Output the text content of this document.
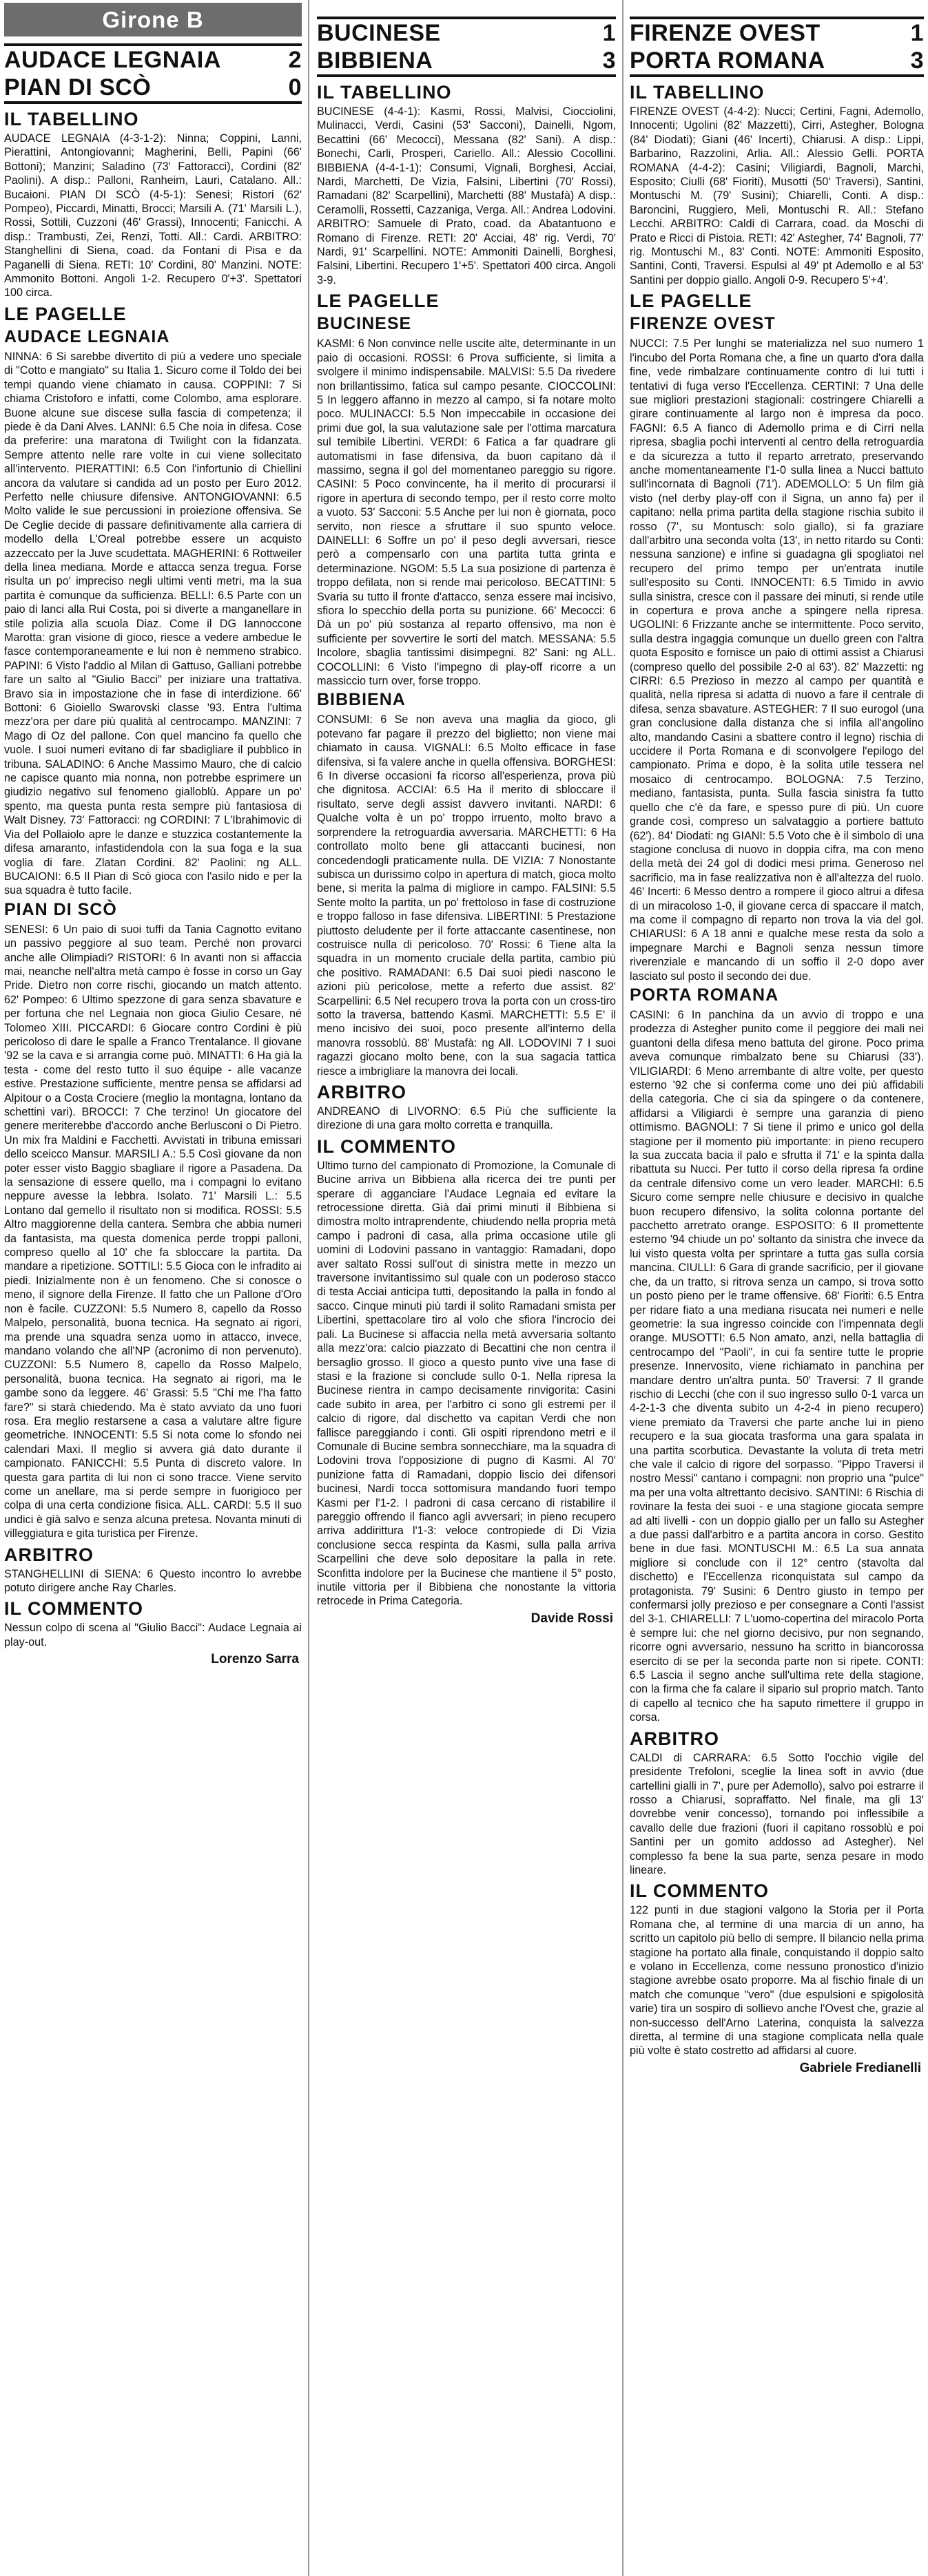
Girone B
AUDACE LEGNAIA	2
PIAN DI SCÒ	0
IL TABELLINO

AUDACE LEGNAIA (4-3-1-2): Ninna; Coppini, Lanni, Pierattini, Antongiovanni; Magherini, Belli, Papini (66' Bottoni); Manzini; Saladino (73' Fattoracci), Cordini (82' Paolini). A disp.: Palloni, Ranheim, Lauri, Catalano. All.: Bucaioni. PIAN DI SCÒ (4-5-1): Senesi; Ristori (62' Pompeo), Piccardi, Minatti, Brocci; Marsili A. (71' Marsili L.), Rossi, Sottili, Cuzzoni (46' Grassi), Innocenti; Fanicchi. A disp.: Trambusti, Zei, Renzi, Totti. All.: Cardi. ARBITRO: Stanghellini di Siena, coad. da Fontani di Pisa e da Paganelli di Siena. RETI: 10' Cordini, 80' Manzini. NOTE: Ammonito Bottoni. Angoli 1-2. Recupero 0'+3'. Spettatori 100 circa.

LE PAGELLE
AUDACE LEGNAIA

NINNA: 6 Si sarebbe divertito di più a vedere uno speciale di "Cotto e mangiato" su Italia 1. Sicuro come il Toldo dei bei tempi quando viene chiamato in causa. COPPINI: 7 Si chiama Cristoforo e infatti, come Colombo, ama esplorare. Buone alcune sue discese sulla fascia di competenza; il piede è da Dani Alves. LANNI: 6.5 Che noia in difesa. Cose da preferire: una maratona di Twilight con la fidanzata. Sempre attento nelle rare volte in cui viene sollecitato all'intervento. PIERATTINI: 6.5 Con l'infortunio di Chiellini ancora da valutare si candida ad un posto per Euro 2012. Perfetto nelle chiusure difensive. ANTONGIOVANNI: 6.5 Molto valide le sue percussioni in proiezione offensiva. Se De Ceglie decide di passare definitivamente alla carriera di modello della L'Oreal potrebbe essere un acquisto azzeccato per la Juve scudettata. MAGHERINI: 6 Rottweiler della linea mediana. Morde e attacca senza tregua. Forse risulta un po' impreciso negli ultimi venti metri, ma la sua partita è comunque da sufficienza. BELLI: 6.5 Parte con un paio di lanci alla Rui Costa, poi si diverte a manganellare in stile polizia alla scuola Diaz. Come il DG Iannoccone Marotta: gran visione di gioco, riesce a vedere ambedue le fasce contemporaneamente e lui non è nemmeno strabico. PAPINI: 6 Visto l'addio al Milan di Gattuso, Galliani potrebbe fare un salto al "Giulio Bacci" per iniziare una trattativa. Bravo sia in impostazione che in fase di interdizione. 66' Bottoni: 6 Gioiello Swarovski classe '93. Entra l'ultima mezz'ora per dare più qualità al centrocampo. MANZINI: 7 Mago di Oz del pallone. Con quel mancino fa quello che vuole. I suoi numeri evitano di far sbadigliare il pubblico in tribuna. SALADINO: 6 Anche Massimo Mauro, che di calcio ne capisce quanto mia nonna, non potrebbe esprimere un giudizio negativo sul fenomeno gialloblù. Appare un po' spento, ma questa punta resta sempre più fantasiosa di Walt Disney. 73' Fattoracci: ng CORDINI: 7 L'Ibrahimovic di Via del Pollaiolo apre le danze e stuzzica costantemente la difesa amaranto, infastidendola con la sua foga e la sua voglia di fare. Zlatan Cordini. 82' Paolini: ng ALL. BUCAIONI: 6.5 Il Pian di Scò gioca con l'asilo nido e per la sua squadra è tutto facile.

PIAN DI SCÒ

SENESI: 6 Un paio di suoi tuffi da Tania Cagnotto evitano un passivo peggiore al suo team. Perché non provarci anche alle Olimpiadi? RISTORI: 6 In avanti non si affaccia mai, neanche nell'altra metà campo è fosse in corso un Gay Pride. Dietro non corre rischi, giocando un match attento. 62' Pompeo: 6 Ultimo spezzone di gara senza sbavature e per fortuna che nel Legnaia non gioca Giulio Cesare, né Tolomeo XIII. PICCARDI: 6 Giocare contro Cordini è più pericoloso di dare le spalle a Franco Trentalance. Il giovane '92 se la cava e si arrangia come può. MINATTI: 6 Ha già la testa - come del resto tutto il suo équipe - alle vacanze estive. Prestazione sufficiente, mentre pensa se affidarsi ad Alpitour o a Costa Crociere (meglio la montagna, lontano da schettini vari). BROCCI: 7 Che terzino! Un giocatore del genere meriterebbe d'accordo anche Berlusconi o Di Pietro. Un mix fra Maldini e Facchetti. Avvistati in tribuna emissari dello sceicco Mansur. MARSILI A.: 5.5 Così giovane da non poter esser visto Baggio sbagliare il rigore a Pasadena. Da la sensazione di essere quello, ma i compagni lo evitano neppure avesse la lebbra. Isolato. 71' Marsili L.: 5.5 Lontano dal gemello il risultato non si modifica. ROSSI: 5.5 Altro maggiorenne della cantera. Sembra che abbia numeri da fantasista, ma questa domenica perde troppi palloni, compreso quello al 10' che fa sbloccare la partita. Da mandare a ripetizione. SOTTILI: 5.5 Gioca con le infradito ai piedi. Inizialmente non è un fenomeno. Che si conosce o meno, il signore della Firenze. Il fatto che un Pallone d'Oro non è facile. CUZZONI: 5.5 Numero 8, capello da Rosso Malpelo, personalità, buona tecnica. Ha segnato ai rigori, ma prende una squadra senza uomo in attacco, invece, mandano volando che all'NP (acronimo di non pervenuto). CUZZONI: 5.5 Numero 8, capello da Rosso Malpelo, personalità, buona tecnica. Ha segnato ai rigori, ma le gambe sono da leggere. 46' Grassi: 5.5 "Chi me l'ha fatto fare?" si starà chiedendo. Ma è stato avviato da uno fuori rosa. Era meglio restarsene a casa a valutare altre figure geometriche. INNOCENTI: 5.5 Si nota come lo sfondo nei calendari Maxi. Il meglio si avvera già dato durante il campionato. FANICCHI: 5.5 Punta di discreto valore. In questa gara partita di lui non ci sono tracce. Viene servito come un anellare, ma si perde sempre in fuorigioco per colpa di una certa condizione fisica. ALL. CARDI: 5.5 Il suo undici è già salvo e senza alcuna pretesa. Novanta minuti di villeggiatura e gita turistica per Firenze.

ARBITRO

STANGHELLINI di SIENA: 6 Questo incontro lo avrebbe potuto dirigere anche Ray Charles.

IL COMMENTO

Nessun colpo di scena al "Giulio Bacci": Audace Legnaia ai play-out.

Lorenzo Sarra
BUCINESE	1
BIBBIENA	3
IL TABELLINO

BUCINESE (4-4-1): Kasmi, Rossi, Malvisi, Ciocciolini, Mulinacci, Verdi, Casini (53' Sacconi), Dainelli, Ngom, Becattini (66' Mecocci), Messana (82' Sani). A disp.: Bonechi, Carli, Prosperi, Cariello. All.: Alessio Cocollini. BIBBIENA (4-4-1-1): Consumi, Vignali, Borghesi, Acciai, Nardi, Marchetti, De Vizia, Falsini, Libertini (70' Rossi), Ramadani (82' Scarpellini), Marchetti (88' Mustafà) A disp.: Ceramolli, Rossetti, Cazzaniga, Verga. All.: Andrea Lodovini. ARBITRO: Samuele di Prato, coad. da Abatantuono e Romano di Firenze. RETI: 20' Acciai, 48' rig. Verdi, 70' Nardi, 91' Scarpellini. NOTE: Ammoniti Dainelli, Borghesi, Falsini, Libertini. Recupero 1'+5'. Spettatori 400 circa. Angoli 3-9.

LE PAGELLE
BUCINESE

KASMI: 6 Non convince nelle uscite alte, determinante in un paio di occasioni. ROSSI: 6 Prova sufficiente, si limita a svolgere il minimo indispensabile. MALVISI: 5.5 Da rivedere non brillantissimo, fatica sul campo pesante. CIOCCOLINI: 5 In leggero affanno in mezzo al campo, si fa notare molto poco. MULINACCI: 5.5 Non impeccabile in occasione dei primi due gol, la sua valutazione sale per l'ottima marcatura sul temibile Libertini. VERDI: 6 Fatica a far quadrare gli automatismi in fase difensiva, da buon capitano dà il massimo, segna il gol del momentaneo pareggio su rigore. CASINI: 5 Poco convincente, ha il merito di procurarsi il rigore in apertura di secondo tempo, per il resto corre molto a vuoto. 53' Sacconi: 5.5 Anche per lui non è giornata, poco servito, non riesce a sfruttare il suo spunto veloce. DAINELLI: 6 Soffre un po' il peso degli avversari, riesce però a compensarlo con una partita tutta grinta e determinazione. NGOM: 5.5 La sua posizione di partenza è troppo defilata, non si rende mai pericoloso. BECATTINI: 5 Svaria su tutto il fronte d'attacco, senza essere mai incisivo, sfiora lo specchio della porta su punizione. 66' Mecocci: 6 Dà un po' più sostanza al reparto offensivo, ma non è sufficiente per sovvertire le sorti del match. MESSANA: 5.5 Incolore, sbaglia tantissimi disimpegni. 82' Sani: ng ALL. COCOLLINI: 6 Visto l'impegno di play-off ricorre a un massiccio turn over, forse troppo.

BIBBIENA

CONSUMI: 6 Se non aveva una maglia da gioco, gli potevano far pagare il prezzo del biglietto; non viene mai chiamato in causa. VIGNALI: 6.5 Molto efficace in fase difensiva, si fa valere anche in quella offensiva. BORGHESI: 6 In diverse occasioni fa ricorso all'esperienza, prova più che dignitosa. ACCIAI: 6.5 Ha il merito di sbloccare il risultato, serve degli assist davvero invitanti. NARDI: 6 Qualche volta è un po' troppo irruento, molto bravo a sorprendere la retroguardia avversaria. MARCHETTI: 6 Ha controllato molto bene gli attaccanti bucinesi, non concedendogli praticamente nulla. DE VIZIA: 7 Nonostante subisca un durissimo colpo in apertura di match, gioca molto bene, si merita la palma di migliore in campo. FALSINI: 5.5 Sente molto la partita, un po' frettoloso in fase di costruzione e troppo falloso in fase difensiva. LIBERTINI: 5 Prestazione piuttosto deludente per il forte attaccante casentinese, non costruisce nulla di pericoloso. 70' Rossi: 6 Tiene alta la squadra in un momento cruciale della partita, cambio più che positivo. RAMADANI: 6.5 Dai suoi piedi nascono le azioni più pericolose, mette a referto due assist. 82' Scarpellini: 6.5 Nel recupero trova la porta con un cross-tiro sotto la traversa, battendo Kasmi. MARCHETTI: 5.5 E' il meno incisivo dei suoi, poco presente all'interno della manovra rossoblù. 88' Mustafà: ng All. LODOVINI 7 I suoi ragazzi giocano molto bene, con la sua sagacia tattica riesce a imbrigliare la manovra dei locali.

ARBITRO

ANDREANO di LIVORNO: 6.5 Più che sufficiente la direzione di una gara molto corretta e tranquilla.

IL COMMENTO

Ultimo turno del campionato di Promozione, la Comunale di Bucine arriva un Bibbiena alla ricerca dei tre punti per sperare di agganciare l'Audace Legnaia ed evitare la retrocessione diretta. Già dai primi minuti il Bibbiena si dimostra molto intraprendente, chiudendo nella propria metà campo i padroni di casa, alla prima occasione utile gli uomini di Lodovini passano in vantaggio: Ramadani, dopo aver saltato Rossi sull'out di sinistra mette in mezzo un traversone invitantissimo sul quale con un poderoso stacco di testa Acciai anticipa tutti, depositando la palla in fondo al sacco. Cinque minuti più tardi il solito Ramadani smista per Libertini, spettacolare tiro al volo che sfiora l'incrocio dei pali. La Bucinese si affaccia nella metà avversaria soltanto alla mezz'ora: calcio piazzato di Becattini che non centra il bersaglio grosso. Il gioco a questo punto vive una fase di stasi e la frazione si conclude sullo 0-1. Nella ripresa la Bucinese rientra in campo decisamente rinvigorita: Casini cade subito in area, per l'arbitro ci sono gli estremi per il calcio di rigore, dal dischetto va capitan Verdi che non fallisce pareggiando i conti. Gli ospiti riprendono metri e il Comunale di Bucine sembra sonnecchiare, ma la squadra di Lodovini trova l'opposizione di pugno di Kasmi. Al 70' punizione fatta di Ramadani, doppio liscio dei difensori bucinesi, Nardi tocca sottomisura mandando fuori tempo Kasmi per l'1-2. I padroni di casa cercano di ristabilire il pareggio offrendo il fianco agli avversari; in pieno recupero arriva addirittura l'1-3: veloce contropiede di Di Vizia conclusione secca respinta da Kasmi, sulla palla arriva Scarpellini che deve solo depositare la palla in rete. Sconfitta indolore per la Bucinese che mantiene il 5° posto, inutile vittoria per il Bibbiena che nonostante la vittoria retrocede in Prima Categoria.

Davide Rossi
FIRENZE OVEST	1
PORTA ROMANA	3
IL TABELLINO

FIRENZE OVEST (4-4-2): Nucci; Certini, Fagni, Ademollo, Innocenti; Ugolini (82' Mazzetti), Cirri, Astegher, Bologna (84' Diodati); Giani (46' Incerti), Chiarusi. A disp.: Lippi, Barbarino, Razzolini, Arlia. All.: Alessio Gelli. PORTA ROMANA (4-4-2): Casini; Viligiardi, Bagnoli, Marchi, Esposito; Ciulli (68' Fioriti), Musotti (50' Traversi), Santini, Montuschi M. (79' Susini); Chiarelli, Conti. A disp.: Baroncini, Ruggiero, Meli, Montuschi R. All.: Stefano Lecchi. ARBITRO: Caldi di Carrara, coad. da Moschi di Prato e Ricci di Pistoia. RETI: 42' Astegher, 74' Bagnoli, 77' rig. Montuschi M., 83' Conti. NOTE: Ammoniti Esposito, Santini, Conti, Traversi. Espulsi al 49' pt Ademollo e al 53' Santini per doppio giallo. Angoli 0-9. Recupero 5'+4'.

LE PAGELLE
FIRENZE OVEST

NUCCI: 7.5 Per lunghi se materializza nel suo numero 1 l'incubo del Porta Romana che, a fine un quarto d'ora dalla fine, vede rimbalzare continuamente contro di lui tutti i tentativi di fuga verso l'Eccellenza. CERTINI: 7 Una delle sue migliori prestazioni stagionali: costringere Chiarelli a girare continuamente al largo non è impresa da poco. FAGNI: 6.5 A fianco di Ademollo prima e di Cirri nella ripresa, sbaglia pochi interventi al centro della retroguardia e da sicurezza a tutto il reparto arretrato, preservando anche momentaneamente l'1-0 sulla linea a Nucci battuto sull'incornata di Bagnoli (71'). ADEMOLLO: 5 Un film già visto (nel derby play-off con il Signa, un anno fa) per il capitano: nella prima partita della stagione rischia subito il rosso (7', su Montusch: solo giallo), si fa graziare dall'arbitro una seconda volta (13', in netto ritardo su Conti: nessuna sanzione) e infine si guadagna gli spogliatoi nel recupero del primo tempo per un'entrata inutile sull'esposito su Conti. INNOCENTI: 6.5 Timido in avvio sulla sinistra, cresce con il passare dei minuti, si rende utile in copertura e prova anche a spingere nella ripresa. UGOLINI: 6 Frizzante anche se intermittente. Poco servito, sulla destra ingaggia comunque un duello green con l'altra quota Esposito e fornisce un paio di ottimi assist a Chiarusi (compreso quello del possibile 2-0 al 63'). 82' Mazzetti: ng CIRRI: 6.5 Prezioso in mezzo al campo per quantità e qualità, nella ripresa si adatta di nuovo a fare il centrale di difesa, senza sbavature. ASTEGHER: 7 Il suo eurogol (una gran conclusione dalla distanza che si infila all'angolino alto, mandando Casini a sbattere contro il legno) rischia di uccidere il Porta Romana e di sconvolgere l'epilogo del campionato. Prima e dopo, è la solita utile tessera nel mosaico di centrocampo. BOLOGNA: 7.5 Terzino, mediano, fantasista, punta. Sulla fascia sinistra fa tutto quello che c'è da fare, e spesso pure di più. Un cuore grande così, compreso un salvataggio a portiere battuto (62'). 84' Diodati: ng GIANI: 5.5 Voto che è il simbolo di una stagione conclusa di nuovo in doppia cifra, ma con meno della metà dei 24 gol di dodici mesi prima. Generoso nel sacrificio, ma in fase realizzativa non è all'altezza del ruolo. 46' Incerti: 6 Messo dentro a rompere il gioco altrui a difesa di un miracoloso 1-0, il giovane cerca di spaccare il match, ma come il compagno di reparto non trova la via del gol. CHIARUSI: 6 A 18 anni e qualche mese resta da solo a impegnare Marchi e Bagnoli senza nessun timore riverenziale e mancando di un soffio il 2-0 dopo aver lasciato sul posto il secondo dei due.

PORTA ROMANA

CASINI: 6 In panchina da un avvio di troppo e una prodezza di Astegher punito come il peggiore dei mali nei guantoni della difesa meno battuta del girone. Poco prima aveva comunque rimbalzato bene su Chiarusi (33'). VILIGIARDI: 6 Meno arrembante di altre volte, per questo esterno '92 che si conferma come uno dei più affidabili della categoria. Che ci sia da spingere o da contenere, affidarsi a Viligiardi è sempre una garanzia di pieno ottimismo. BAGNOLI: 7 Si tiene il primo e unico gol della stagione per il momento più importante: in pieno recupero la sua zuccata bacia il palo e sfrutta il 71' e la spinta dalla ribattuta su Nucci. Per tutto il corso della ripresa fa ordine da centrale difensivo come un vero leader. MARCHI: 6.5 Sicuro come sempre nelle chiusure e decisivo in qualche buon recupero difensivo, la solita colonna portante del pacchetto arretrato orange. ESPOSITO: 6 Il promettente esterno '94 chiude un po' soltanto da sinistra che invece da lui visto questa volta per sprintare a tutta gas sulla corsia mancina. CIULLI: 6 Gara di grande sacrificio, per il giovane che, da un tratto, si ritrova senza un campo, si trova sotto un posto pieno per le trame offensive. 68' Fioriti: 6.5 Entra per ridare fiato a una mediana risucata nei numeri e nelle geometrie: la sua ingresso coincide con l'impennata degli orange. MUSOTTI: 6.5 Non amato, anzi, nella battaglia di centrocampo del "Paoli", in cui fa sentire tutte le proprie presenze. Innervosito, viene richiamato in panchina per mandare dentro un'altra punta. 50' Traversi: 7 Il grande rischio di Lecchi (che con il suo ingresso sullo 0-1 varca un 4-2-1-3 che diventa subito un 4-2-4 in pieno recupero) viene premiato da Traversi che parte anche lui in pieno recupero e la sua giocata trasforma una gara spalata in una partita scorbutica. Devastante la voluta di treta metri che vale il calcio di rigore del sorpasso. "Pippo Traversi il nostro Messi" cantano i compagni: non proprio una "pulce" ma per una volta altrettanto decisivo. SANTINI: 6 Rischia di rovinare la festa dei suoi - e una stagione giocata sempre ad alti livelli - con un doppio giallo per un fallo su Astegher a due passi dall'arbitro e a partita ancora in corso. Gestito bene in due fasi. MONTUSCHI M.: 6.5 La sua annata migliore si conclude con il 12° centro (stavolta dal dischetto) e l'Eccellenza riconquistata sul campo da protagonista. 79' Susini: 6 Dentro giusto in tempo per confermarsi jolly prezioso e per consegnare a Conti l'assist del 3-1. CHIARELLI: 7 L'uomo-copertina del miracolo Porta è sempre lui: che nel giorno decisivo, pur non segnando, ricorre ogni avversario, nessuno ha scritto in biancorossa esercito di se per la seconda parte non si ripete. CONTI: 6.5 Lascia il segno anche sull'ultima rete della stagione, con la firma che fa calare il sipario sul proprio match. Tanto di capello al tecnico che ha saputo rimettere il gruppo in corsa.

ARBITRO

CALDI di CARRARA: 6.5 Sotto l'occhio vigile del presidente Trefoloni, sceglie la linea soft in avvio (due cartellini gialli in 7', pure per Ademollo), salvo poi estrarre il rosso a Chiarusi, sopraffatto. Nel finale, ma gli 13' dovrebbe venir concesso), tornando poi inflessibile a cavallo delle due frazioni (fuori il capitano rossoblù e poi Santini per un gomito addosso ad Astegher). Nel complesso fa bene la sua parte, senza pesare in modo lineare.

IL COMMENTO

122 punti in due stagioni valgono la Storia per il Porta Romana che, al termine di una marcia di un anno, ha scritto un capitolo più bello di sempre. Il bilancio nella prima stagione ha portato alla finale, conquistando il doppio salto e volano in Eccellenza, come nessuno pronostico d'inizio stagione avrebbe osato proporre. Ma al fischio finale di un match che comunque "vero" (due espulsioni e spigolosità varie) tira un sospiro di sollievo anche l'Ovest che, grazie al non-successo dell'Arno Laterina, conquista la salvezza diretta, al termine di una stagione complicata nella quale più volte è stato costretto ad affidarsi al cuore.

Gabriele Fredianelli
